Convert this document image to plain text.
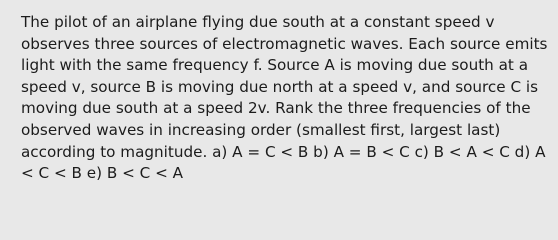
The pilot of an airplane flying due south at a constant speed v observes three sources of electromagnetic waves. Each source emits light with the same frequency f. Source A is moving due south at a speed v, source B is moving due north at a speed v, and source C is moving due south at a speed 2v. Rank the three frequencies of the observed waves in increasing order (smallest first, largest last) according to magnitude. a) A = C < B b) A = B < C c) B < A < C d) A < C < B e) B < C < A
